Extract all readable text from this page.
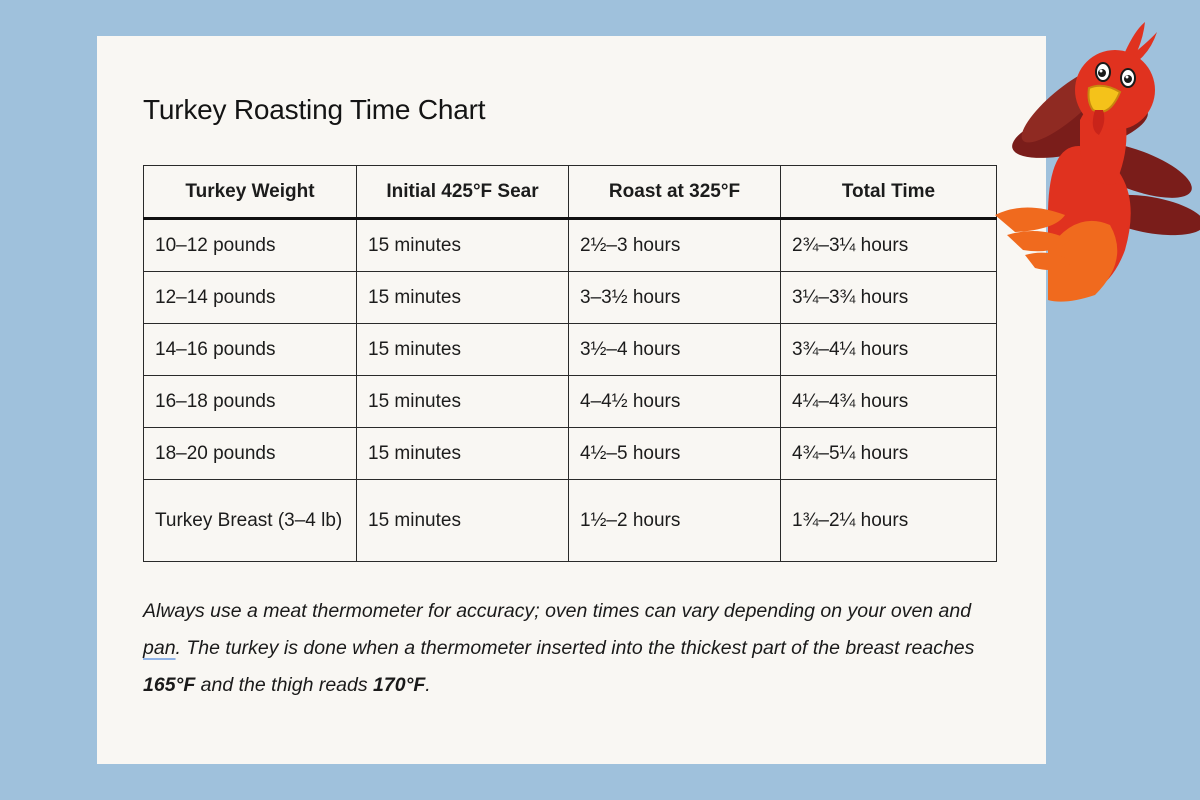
Turkey Roasting Time Chart
Turkey Weight	Initial 425°F Sear	Roast at 325°F	Total Time
10–12 pounds	15 minutes	2½–3 hours	2¾–3¼ hours
12–14 pounds	15 minutes	3–3½ hours	3¼–3¾ hours
14–16 pounds	15 minutes	3½–4 hours	3¾–4¼ hours
16–18 pounds	15 minutes	4–4½ hours	4¼–4¾ hours
18–20 pounds	15 minutes	4½–5 hours	4¾–5¼ hours
Turkey Breast (3–4 lb)	15 minutes	1½–2 hours	1¾–2¼ hours

Always use a meat thermometer for accuracy; oven times can vary depending on your oven and pan. The turkey is done when a thermometer inserted into the thickest part of the breast reaches 165°F and the thigh reads 170°F.
